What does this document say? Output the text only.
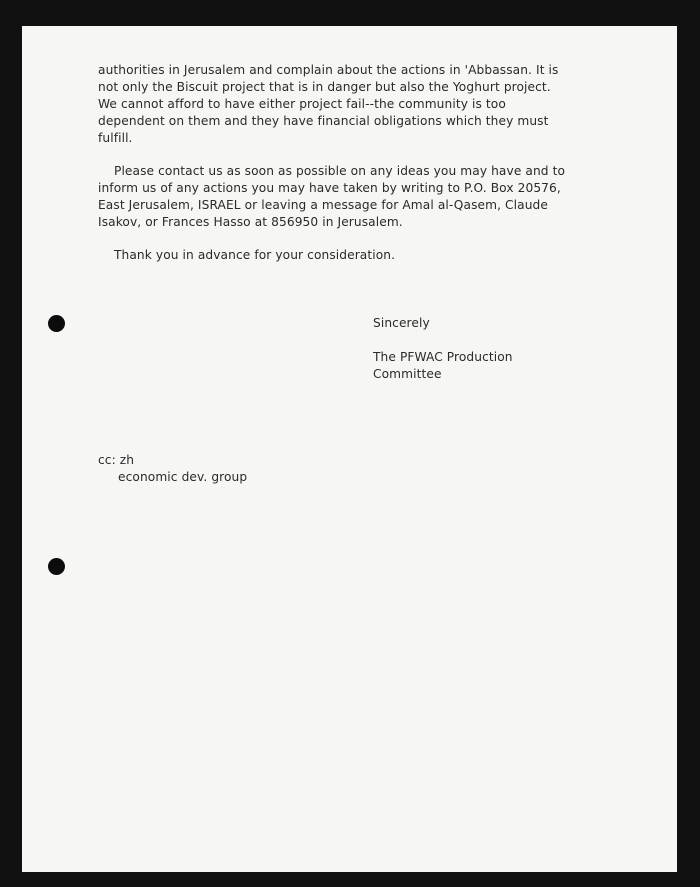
authorities in Jerusalem and complain about the actions in 'Abbassan. It is
not only the Biscuit project that is in danger but also the Yoghurt project.
We cannot afford to have either project fail--the community is too
dependent on them and they have financial obligations which they must
fulfill.
Please contact us as soon as possible on any ideas you may have and to
inform us of any actions you may have taken by writing to P.O. Box 20576,
East Jerusalem, ISRAEL or leaving a message for Amal al-Qasem, Claude
Isakov, or Frances Hasso at 856950 in Jerusalem.
Thank you in advance for your consideration.
Sincerely
The PFWAC Production
Committee
cc: zh
economic dev. group
